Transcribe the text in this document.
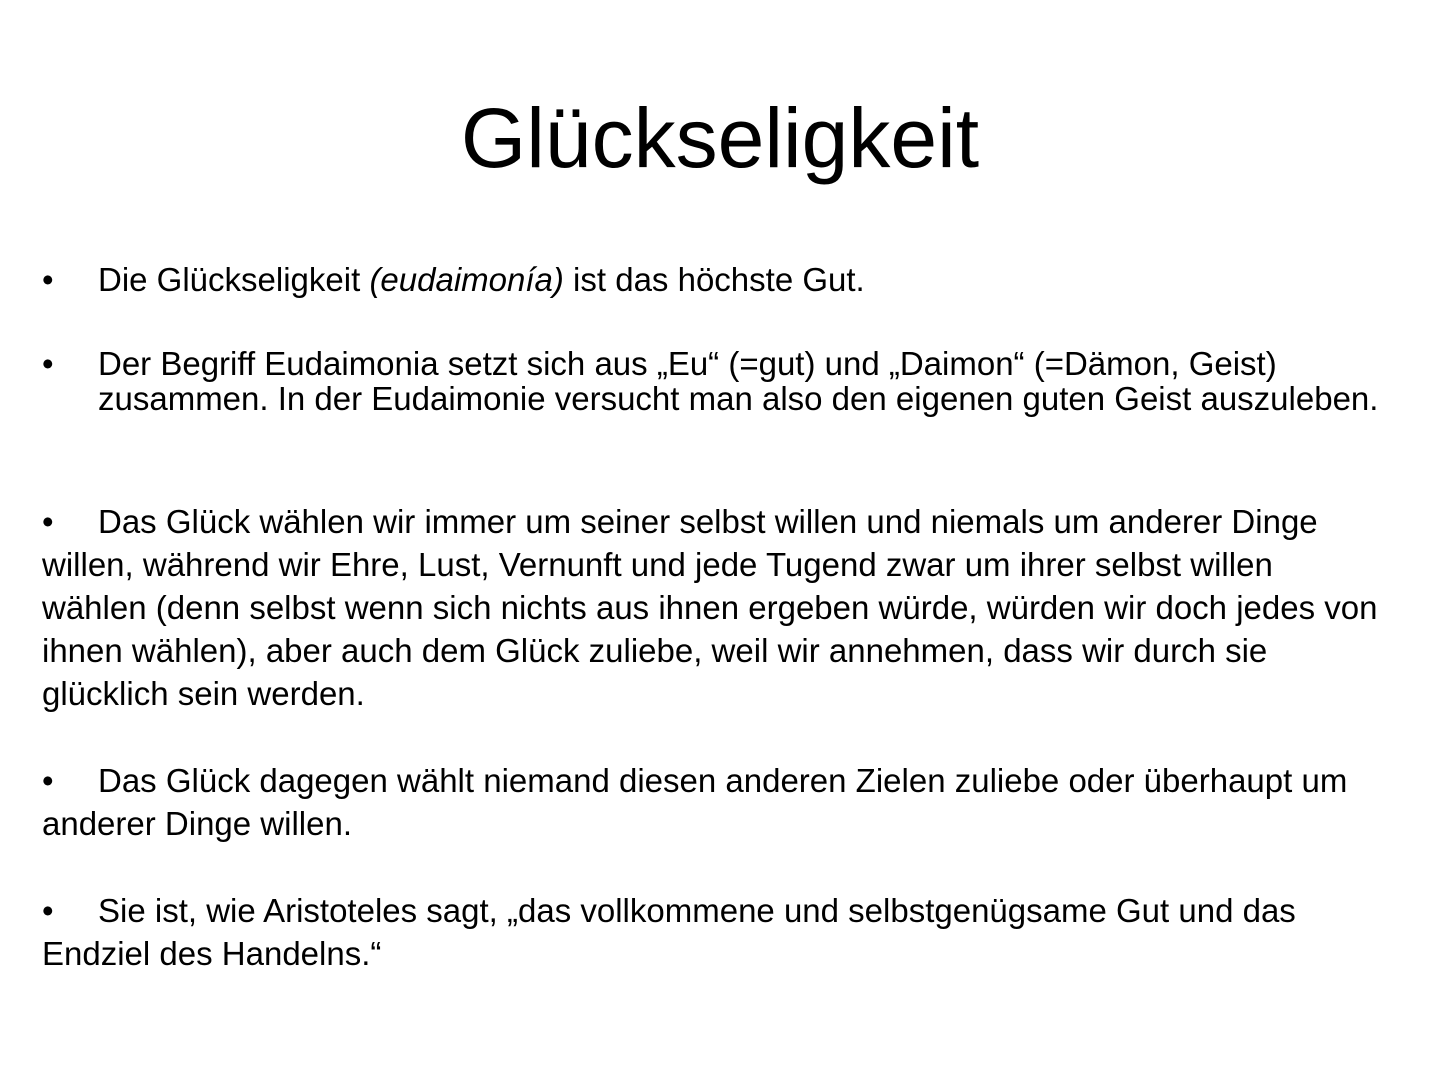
Glückseligkeit
•	Die Glückseligkeit (eudaimonía) ist das höchste Gut.
•	Der Begriff Eudaimonia setzt sich aus „Eu“ (=gut) und „Daimon“ (=Dämon, Geist) zusammen. In der Eudaimonie versucht man also den eigenen guten Geist auszuleben.
• Das Glück wählen wir immer um seiner selbst willen und niemals um anderer Dinge willen, während wir Ehre, Lust, Vernunft und jede Tugend zwar um ihrer selbst willen wählen (denn selbst wenn sich nichts aus ihnen ergeben würde, würden wir doch jedes von ihnen wählen), aber auch dem Glück zuliebe, weil wir annehmen, dass wir durch sie glücklich sein werden.
• Das Glück dagegen wählt niemand diesen anderen Zielen zuliebe oder überhaupt um anderer Dinge willen.
• Sie ist, wie Aristoteles sagt, „das vollkommene und selbstgenügsame Gut und das Endziel des Handelns.“
